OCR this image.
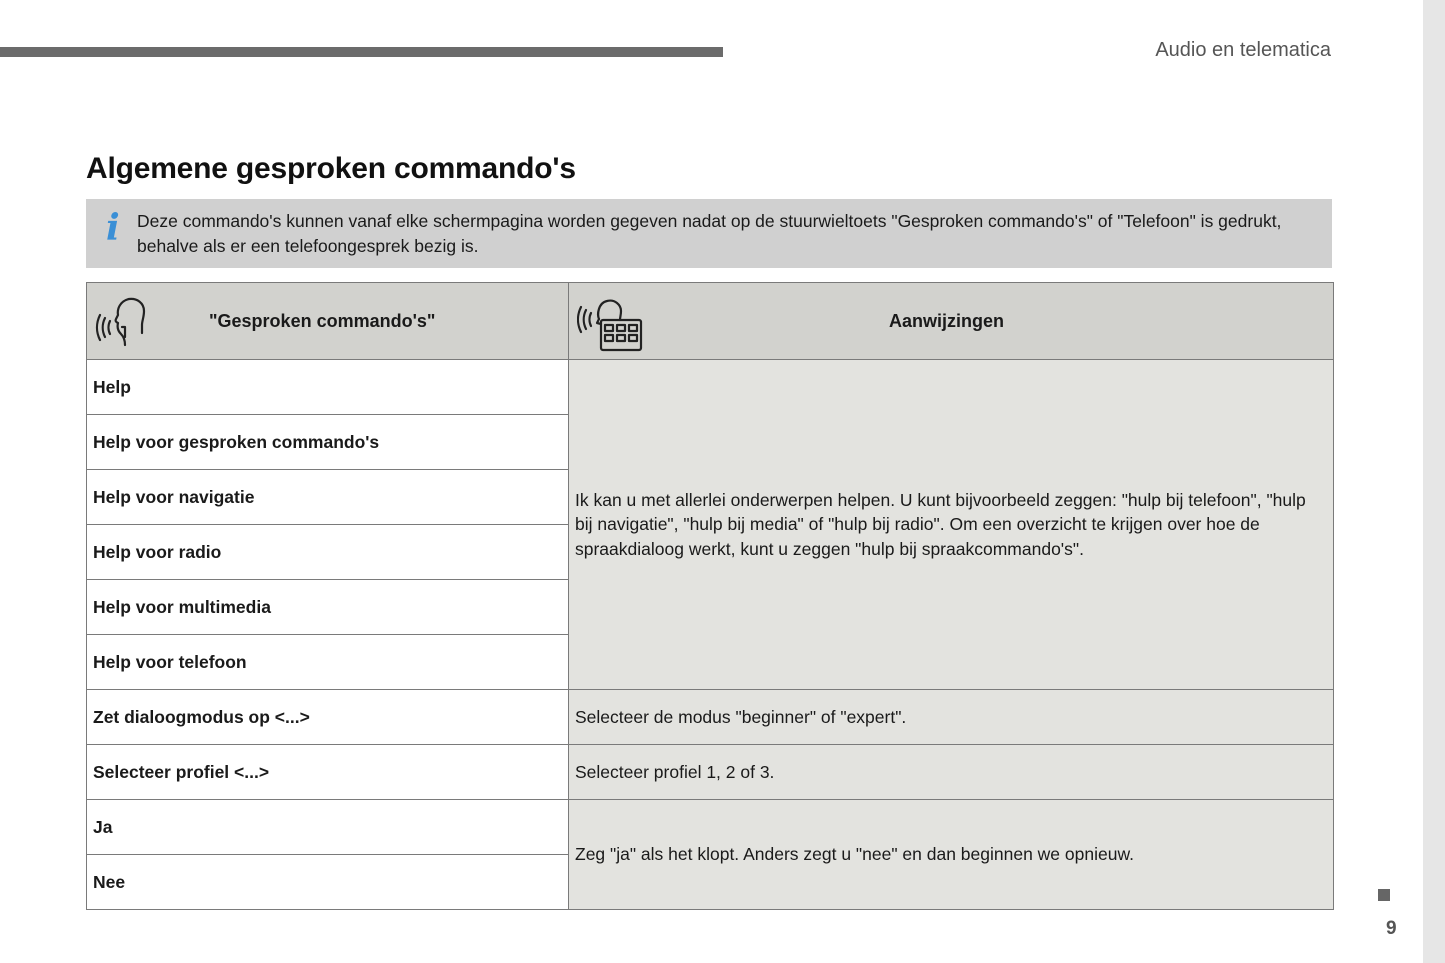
Audio en telematica
Algemene gesproken commando's
i Deze commando's kunnen vanaf elke schermpagina worden gegeven nadat op de stuurwieltoets "Gesproken commando's" of "Telefoon" is gedrukt, behalve als er een telefoongesprek bezig is.

"Gesproken commando's"	Aanwijzingen

Help	Ik kan u met allerlei onderwerpen helpen. U kunt bijvoorbeeld zeggen: "hulp bij telefoon", "hulp bij navigatie", "hulp bij media" of "hulp bij radio". Om een overzicht te krijgen over hoe de spraakdialoog werkt, kunt u zeggen "hulp bij spraakcommando's".
Help voor gesproken commando's	
Help voor navigatie	
Help voor radio	
Help voor multimedia	
Help voor telefoon	
Zet dialoogmodus op <...>	Selecteer de modus "beginner" of "expert".
Selecteer profiel <...>	Selecteer profiel 1, 2 of 3.
Ja	Zeg "ja" als het klopt. Anders zegt u "nee" en dan beginnen we opnieuw.
Nee	
9
